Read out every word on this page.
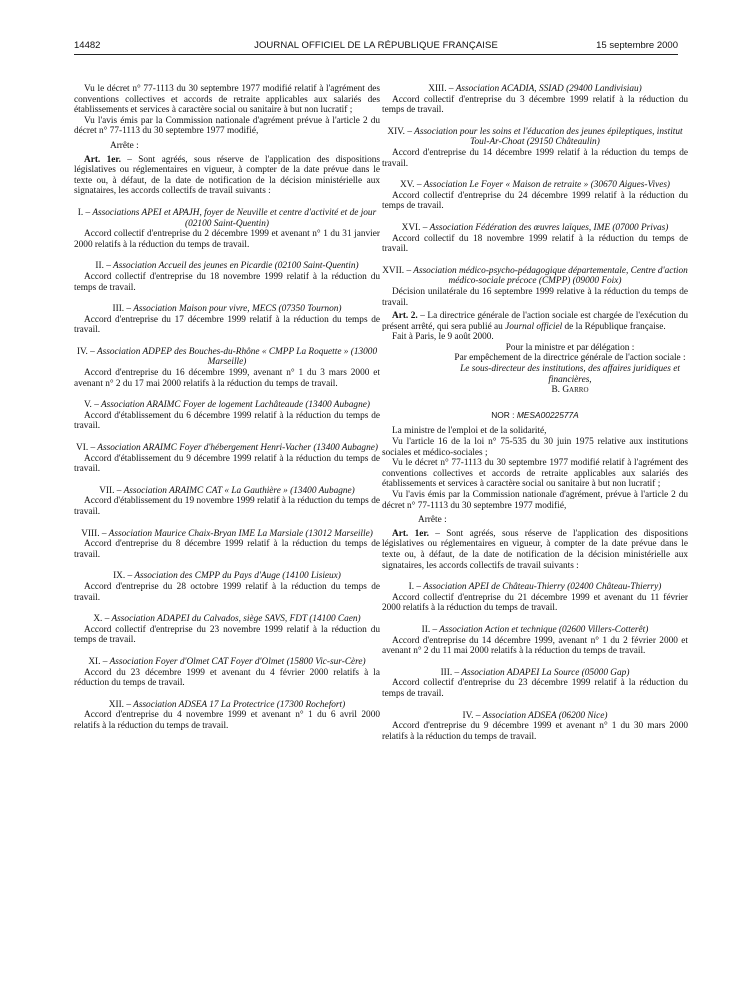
14482	JOURNAL OFFICIEL DE LA RÉPUBLIQUE FRANÇAISE	15 septembre 2000

Vu le décret n° 77-1113 du 30 septembre 1977 modifié relatif à l'agrément des conventions collectives et accords de retraite applicables aux salariés des établissements et services à caractère social ou sanitaire à but non lucratif ;

Vu l'avis émis par la Commission nationale d'agrément prévue à l'article 2 du décret n° 77-1113 du 30 septembre 1977 modifié,

Arrête :

Art. 1er. – Sont agréés, sous réserve de l'application des dispositions législatives ou réglementaires en vigueur, à compter de la date prévue dans le texte ou, à défaut, de la date de notification de la décision ministérielle aux signataires, les accords collectifs de travail suivants :

I. – Associations APEI et APAJH, foyer de Neuville et centre d'activité et de jour (02100 Saint-Quentin)

Accord collectif d'entreprise du 2 décembre 1999 et avenant n° 1 du 31 janvier 2000 relatifs à la réduction du temps de travail.

II. – Association Accueil des jeunes en Picardie (02100 Saint-Quentin)

Accord collectif d'entreprise du 18 novembre 1999 relatif à la réduction du temps de travail.

III. – Association Maison pour vivre, MECS (07350 Tournon)

Accord d'entreprise du 17 décembre 1999 relatif à la réduction du temps de travail.

IV. – Association ADPEP des Bouches-du-Rhône « CMPP La Roquette » (13000 Marseille)

Accord d'entreprise du 16 décembre 1999, avenant n° 1 du 3 mars 2000 et avenant n° 2 du 17 mai 2000 relatifs à la réduction du temps de travail.

V. – Association ARAIMC Foyer de logement Lachâteaude (13400 Aubagne)

Accord d'établissement du 6 décembre 1999 relatif à la réduction du temps de travail.

VI. – Association ARAIMC Foyer d'hébergement Henri-Vacher (13400 Aubagne)

Accord d'établissement du 9 décembre 1999 relatif à la réduction du temps de travail.

VII. – Association ARAIMC CAT « La Gauthière » (13400 Aubagne)

Accord d'établissement du 19 novembre 1999 relatif à la réduction du temps de travail.

VIII. – Association Maurice Chaix-Bryan IME La Marsiale (13012 Marseille)

Accord d'entreprise du 8 décembre 1999 relatif à la réduction du temps de travail.

IX. – Association des CMPP du Pays d'Auge (14100 Lisieux)

Accord d'entreprise du 28 octobre 1999 relatif à la réduction du temps de travail.

X. – Association ADAPEI du Calvados, siège SAVS, FDT (14100 Caen)

Accord collectif d'entreprise du 23 novembre 1999 relatif à la réduction du temps de travail.

XI. – Association Foyer d'Olmet CAT Foyer d'Olmet (15800 Vic-sur-Cère)

Accord du 23 décembre 1999 et avenant du 4 février 2000 relatifs à la réduction du temps de travail.

XII. – Association ADSEA 17 La Protectrice (17300 Rochefort)

Accord d'entreprise du 4 novembre 1999 et avenant n° 1 du 6 avril 2000 relatifs à la réduction du temps de travail.

XIII. – Association ACADIA, SSIAD (29400 Landivisiau)

Accord collectif d'entreprise du 3 décembre 1999 relatif à la réduction du temps de travail.

XIV. – Association pour les soins et l'éducation des jeunes épileptiques, institut Toul-Ar-Choat (29150 Châteaulin)

Accord d'entreprise du 14 décembre 1999 relatif à la réduction du temps de travail.

XV. – Association Le Foyer « Maison de retraite » (30670 Aigues-Vives)

Accord collectif d'entreprise du 24 décembre 1999 relatif à la réduction du temps de travail.

XVI. – Association Fédération des œuvres laïques, IME (07000 Privas)

Accord collectif du 18 novembre 1999 relatif à la réduction du temps de travail.

XVII. – Association médico-psycho-pédagogique départementale, Centre d'action médico-sociale précoce (CMPP) (09000 Foix)

Décision unilatérale du 16 septembre 1999 relative à la réduction du temps de travail.

Art. 2. – La directrice générale de l'action sociale est chargée de l'exécution du présent arrêté, qui sera publié au Journal officiel de la République française.

Fait à Paris, le 9 août 2000.

Pour la ministre et par délégation :

Par empêchement de la directrice générale de l'action sociale :

Le sous-directeur des institutions, des affaires juridiques et financières,

B. Garro

NOR : MESA0022577A

La ministre de l'emploi et de la solidarité,

Vu l'article 16 de la loi n° 75-535 du 30 juin 1975 relative aux institutions sociales et médico-sociales ;

Vu le décret n° 77-1113 du 30 septembre 1977 modifié relatif à l'agrément des conventions collectives et accords de retraite applicables aux salariés des établissements et services à caractère social ou sanitaire à but non lucratif ;

Vu l'avis émis par la Commission nationale d'agrément, prévue à l'article 2 du décret n° 77-1113 du 30 septembre 1977 modifié,

Arrête :

Art. 1er. – Sont agréés, sous réserve de l'application des dispositions législatives ou réglementaires en vigueur, à compter de la date prévue dans le texte ou, à défaut, de la date de notification de la décision ministérielle aux signataires, les accords collectifs de travail suivants :

I. – Association APEI de Château-Thierry (02400 Château-Thierry)

Accord collectif d'entreprise du 21 décembre 1999 et avenant du 11 février 2000 relatifs à la réduction du temps de travail.

II. – Association Action et technique (02600 Villers-Cotterêt)

Accord d'entreprise du 14 décembre 1999, avenant n° 1 du 2 février 2000 et avenant n° 2 du 11 mai 2000 relatifs à la réduction du temps de travail.

III. – Association ADAPEI La Source (05000 Gap)

Accord collectif d'entreprise du 23 décembre 1999 relatif à la réduction du temps de travail.

IV. – Association ADSEA (06200 Nice)

Accord d'entreprise du 9 décembre 1999 et avenant n° 1 du 30 mars 2000 relatifs à la réduction du temps de travail.
